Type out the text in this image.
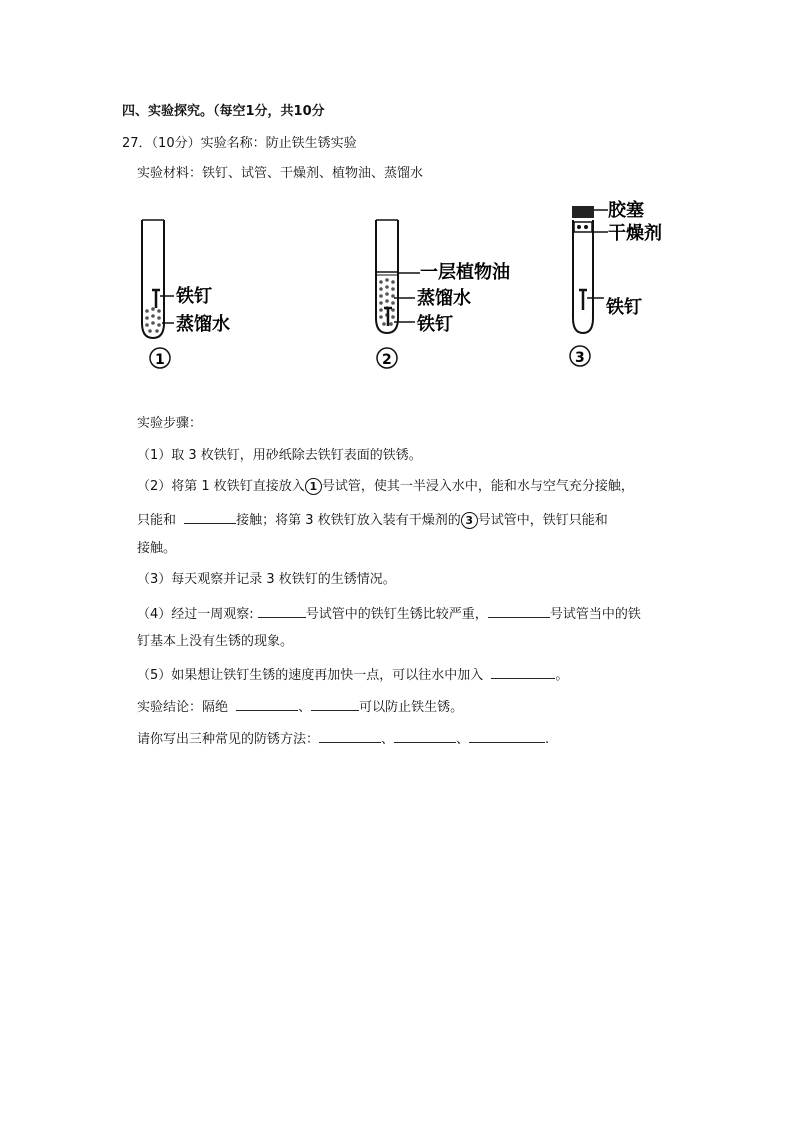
四、实验探究。（每空1分，共10分
27．（10分）实验名称：防止铁生锈实验
实验材料：铁钉、试管、干燥剂、植物油、蒸馏水
铁钉
蒸馏水
1
一层植物油
蒸馏水
铁钉
2
胶塞
干燥剂
铁钉
3
实验步骤：
（1）取 3 枚铁钉，用砂纸除去铁钉表面的铁锈。
（2）将第 1 枚铁钉直接放入 1 号试管，使其一半浸入水中，能和水与空气充分接触，
只能和	接触；将第 3 枚铁钉放入装有干燥剂的 3 号试管中，铁钉只能和
接触。
（3）每天观察并记录 3 枚铁钉的生锈情况。
（4）经过一周观察:	号试管中的铁钉生锈比较严重，	号试管当中的铁
钉基本上没有生锈的现象。
（5）如果想让铁钉生锈的速度再加快一点，可以往水中加入	。
实验结论：隔绝	、	可以防止铁生锈。
请你写出三种常见的防锈方法：	、	、	.
